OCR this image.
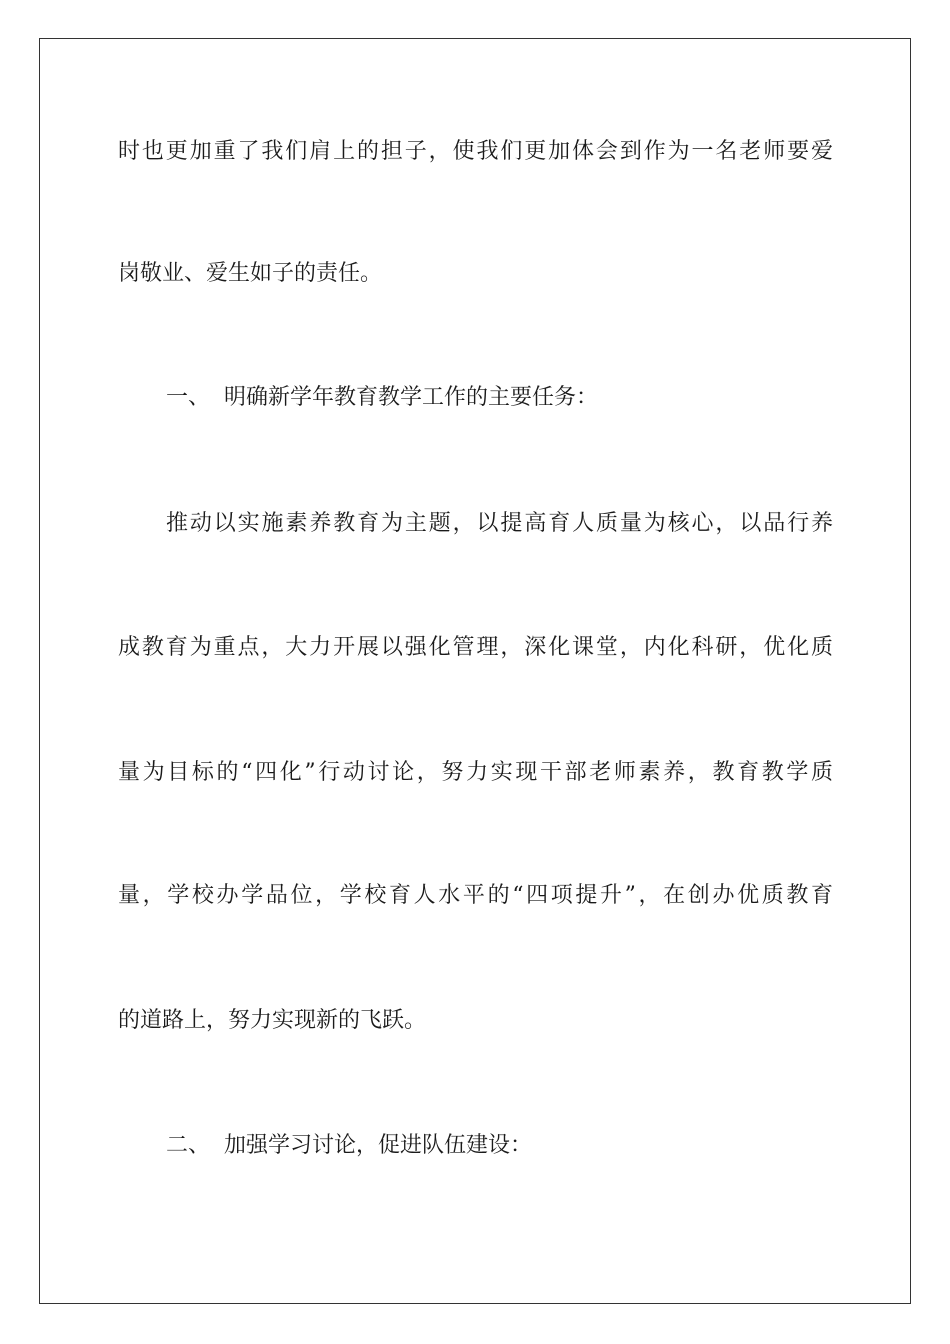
时也更加重了我们肩上的担子，使我们更加体会到作为一名老师要爱
岗敬业、爱生如子的责任。
一、 明确新学年教育教学工作的主要任务：
推动以实施素养教育为主题，以提高育人质量为核心，以品行养
成教育为重点，大力开展以强化管理，深化课堂，内化科研，优化质
量为目标的“四化”行动讨论，努力实现干部老师素养，教育教学质
量，学校办学品位，学校育人水平的“四项提升”，在创办优质教育
的道路上，努力实现新的飞跃。
二、 加强学习讨论，促进队伍建设：
